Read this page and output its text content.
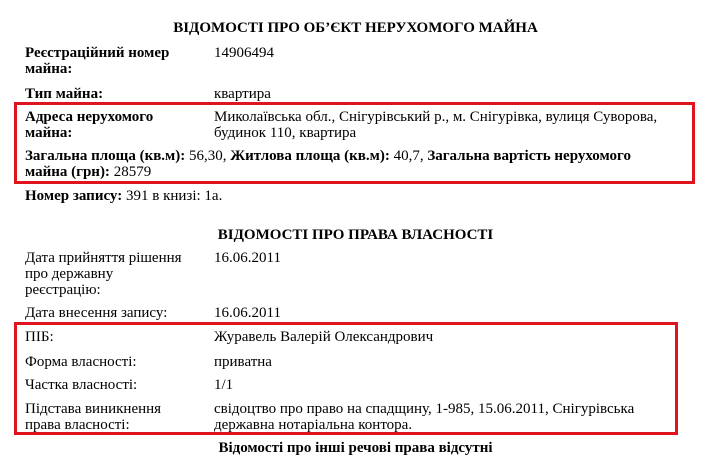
ВІДОМОСТІ ПРО ОБ’ЄКТ НЕРУХОМОГО МАЙНА
Реєстраційний номер
майна:
14906494
Тип майна:	квартира
Адреса нерухомого
майна:
Миколаївська обл., Снігурівський р., м. Снігурівка, вулиця Суворова,
будинок 110, квартира
Загальна площа (кв.м): 56,30, Житлова площа (кв.м): 40,7, Загальна вартість нерухомого
майна (грн): 28579
Номер запису: 391 в книзі: 1а.
ВІДОМОСТІ ПРО ПРАВА ВЛАСНОСТІ
Дата прийняття рішення
про державну
реєстрацію:
16.06.2011
Дата внесення запису:	16.06.2011
ПІБ:	Журавель Валерій Олександрович
Форма власності:	приватна
Частка власності:	1/1
Підстава виникнення
права власності:
свідоцтво про право на спадщину, 1-985, 15.06.2011, Снігурівська
державна нотаріальна контора.
Відомості про інші речові права відсутні
